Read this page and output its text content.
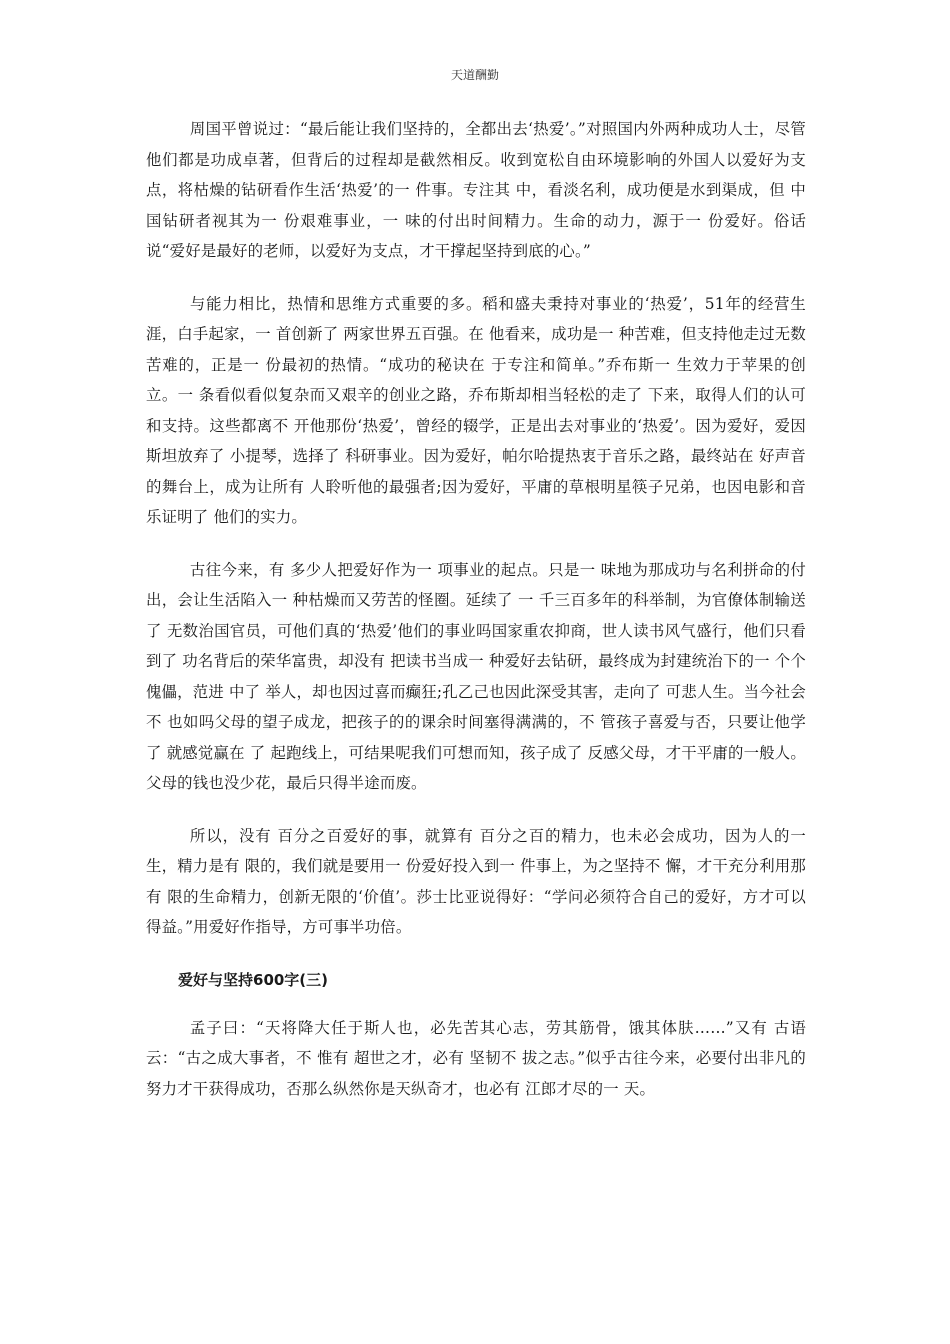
天道酬勤

周国平曾说过：“最后能让我们坚持的，全都出去‘热爱’。”对照国内外两种成功人士，尽管他们都是功成卓著，但背后的过程却是截然相反。收到宽松自由环境影响的外国人以爱好为支点，将枯燥的钻研看作生活‘热爱’的一 件事。专注其 中，看淡名利，成功便是水到渠成，但 中国钻研者视其为一 份艰难事业，一 味的付出时间精力。生命的动力，源于一 份爱好。俗话说“爱好是最好的老师，以爱好为支点，才干撑起坚持到底的心。”

与能力相比，热情和思维方式重要的多。稻和盛夫秉持对事业的‘热爱’，51年的经营生涯，白手起家，一 首创新了 两家世界五百强。在 他看来，成功是一 种苦难，但支持他走过无数苦难的，正是一 份最初的热情。“成功的秘诀在 于专注和简单。”乔布斯一 生效力于苹果的创立。一 条看似看似复杂而又艰辛的创业之路，乔布斯却相当轻松的走了 下来，取得人们的认可和支持。这些都离不 开他那份‘热爱’，曾经的辍学，正是出去对事业的‘热爱’。因为爱好，爱因斯坦放弃了 小提琴，选择了 科研事业。因为爱好，帕尔哈提热衷于音乐之路，最终站在 好声音的舞台上，成为让所有 人聆听他的最强者;因为爱好，平庸的草根明星筷子兄弟，也因电影和音乐证明了 他们的实力。

古往今来，有 多少人把爱好作为一 项事业的起点。只是一 味地为那成功与名利拼命的付出，会让生活陷入一 种枯燥而又劳苦的怪圈。延续了 一 千三百多年的科举制，为官僚体制输送了 无数治国官员，可他们真的‘热爱’他们的事业吗国家重农抑商，世人读书风气盛行，他们只看到了 功名背后的荣华富贵，却没有 把读书当成一 种爱好去钻研，最终成为封建统治下的一 个个傀儡，范进 中了 举人，却也因过喜而癫狂;孔乙己也因此深受其害，走向了 可悲人生。当今社会不 也如吗父母的望子成龙，把孩子的的课余时间塞得满满的，不 管孩子喜爱与否，只要让他学了 就感觉赢在 了 起跑线上，可结果呢我们可想而知，孩子成了 反感父母，才干平庸的一般人。父母的钱也没少花，最后只得半途而废。

所以，没有 百分之百爱好的事，就算有 百分之百的精力，也未必会成功，因为人的一 生，精力是有 限的，我们就是要用一 份爱好投入到一 件事上，为之坚持不 懈，才干充分利用那有 限的生命精力，创新无限的‘价值’。莎士比亚说得好：“学问必须符合自己的爱好，方才可以得益。”用爱好作指导，方可事半功倍。

爱好与坚持600字(三)

孟子曰：“天将降大任于斯人也，必先苦其心志，劳其筋骨，饿其体肤……”又有 古语云：“古之成大事者，不 惟有 超世之才，必有 坚韧不 拔之志。”似乎古往今来，必要付出非凡的努力才干获得成功，否那么纵然你是天纵奇才，也必有 江郎才尽的一 天。
